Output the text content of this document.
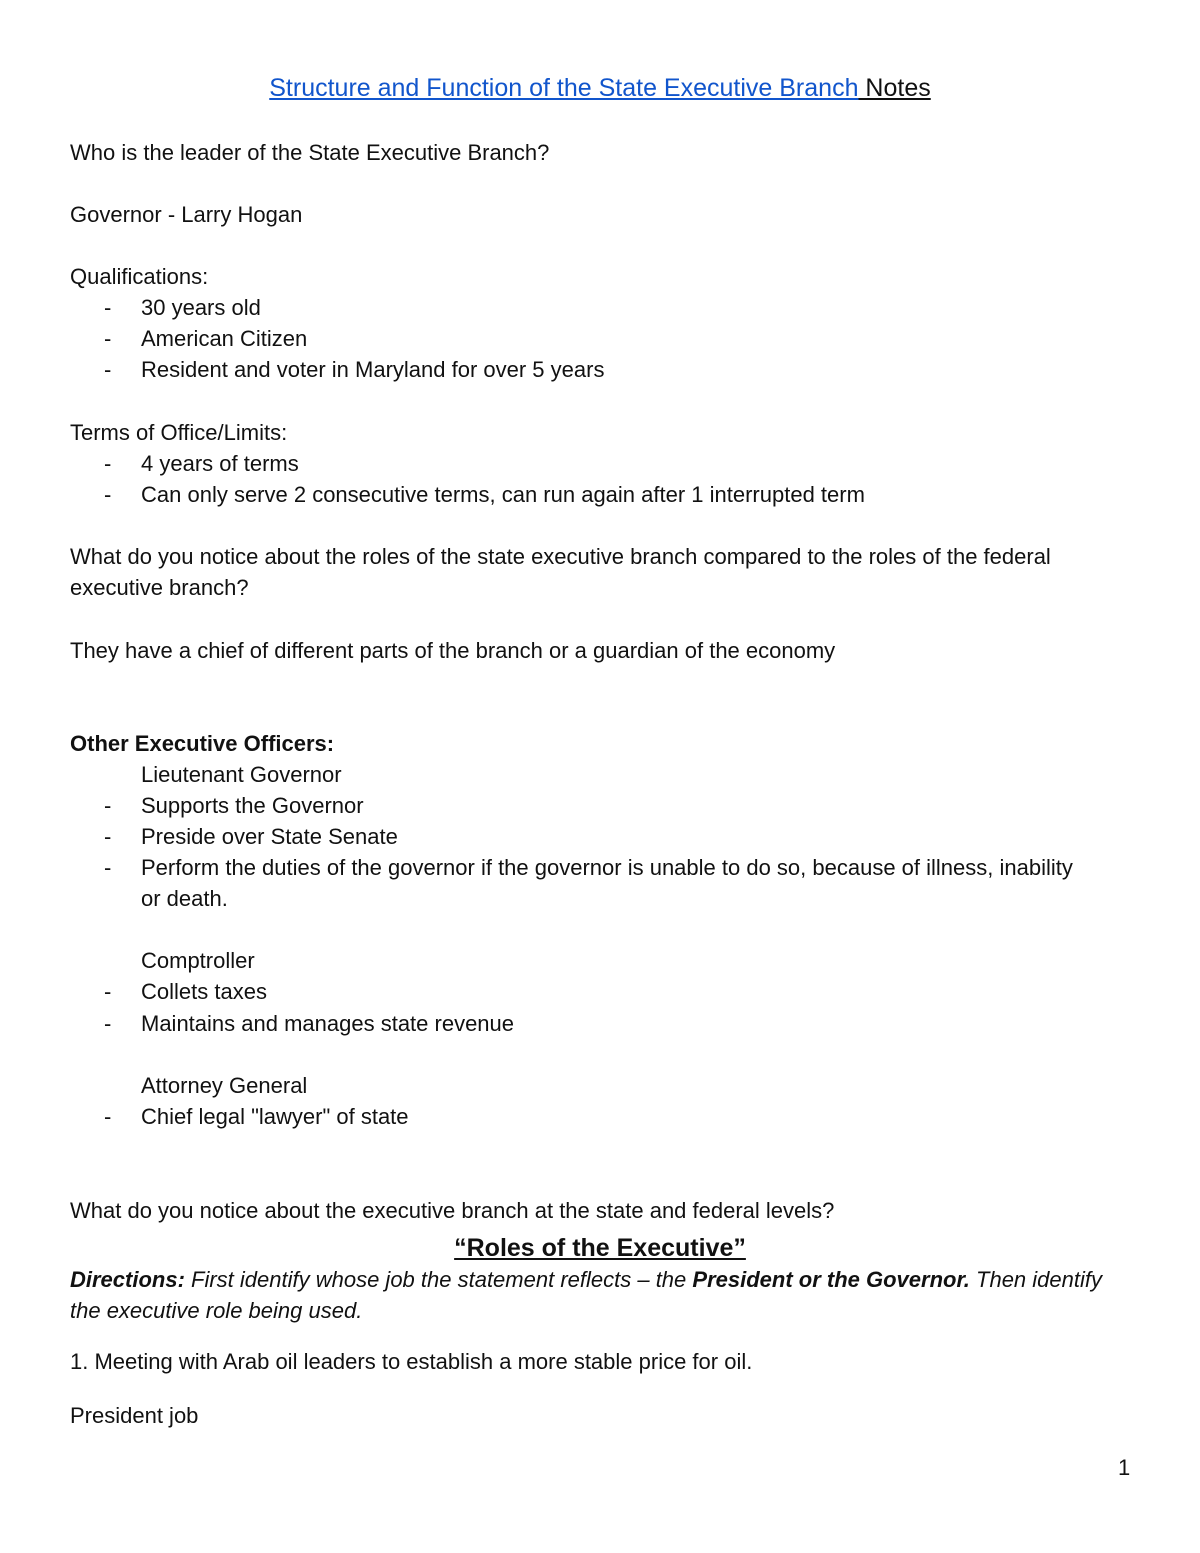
Structure and Function of the State Executive Branch Notes

Who is the leader of the State Executive Branch?

Governor - Larry Hogan

Qualifications:

- 30 years old

- American Citizen

- Resident and voter in Maryland for over 5 years

Terms of Office/Limits:

- 4 years of terms

- Can only serve 2 consecutive terms, can run again after 1 interrupted term

What do you notice about the roles of the state executive branch compared to the roles of the federal executive branch?

They have a chief of different parts of the branch or a guardian of the economy

Other Executive Officers:

Lieutenant Governor

- Supports the Governor

- Preside over State Senate

- Perform the duties of the governor if the governor is unable to do so, because of illness, inability or death.

Comptroller

- Collets taxes

- Maintains and manages state revenue

Attorney General

- Chief legal "lawyer" of state

What do you notice about the executive branch at the state and federal levels?

“Roles of the Executive”

Directions: First identify whose job the statement reflects – the President or the Governor. Then identify the executive role being used.

1. Meeting with Arab oil leaders to establish a more stable price for oil.

President job

1
